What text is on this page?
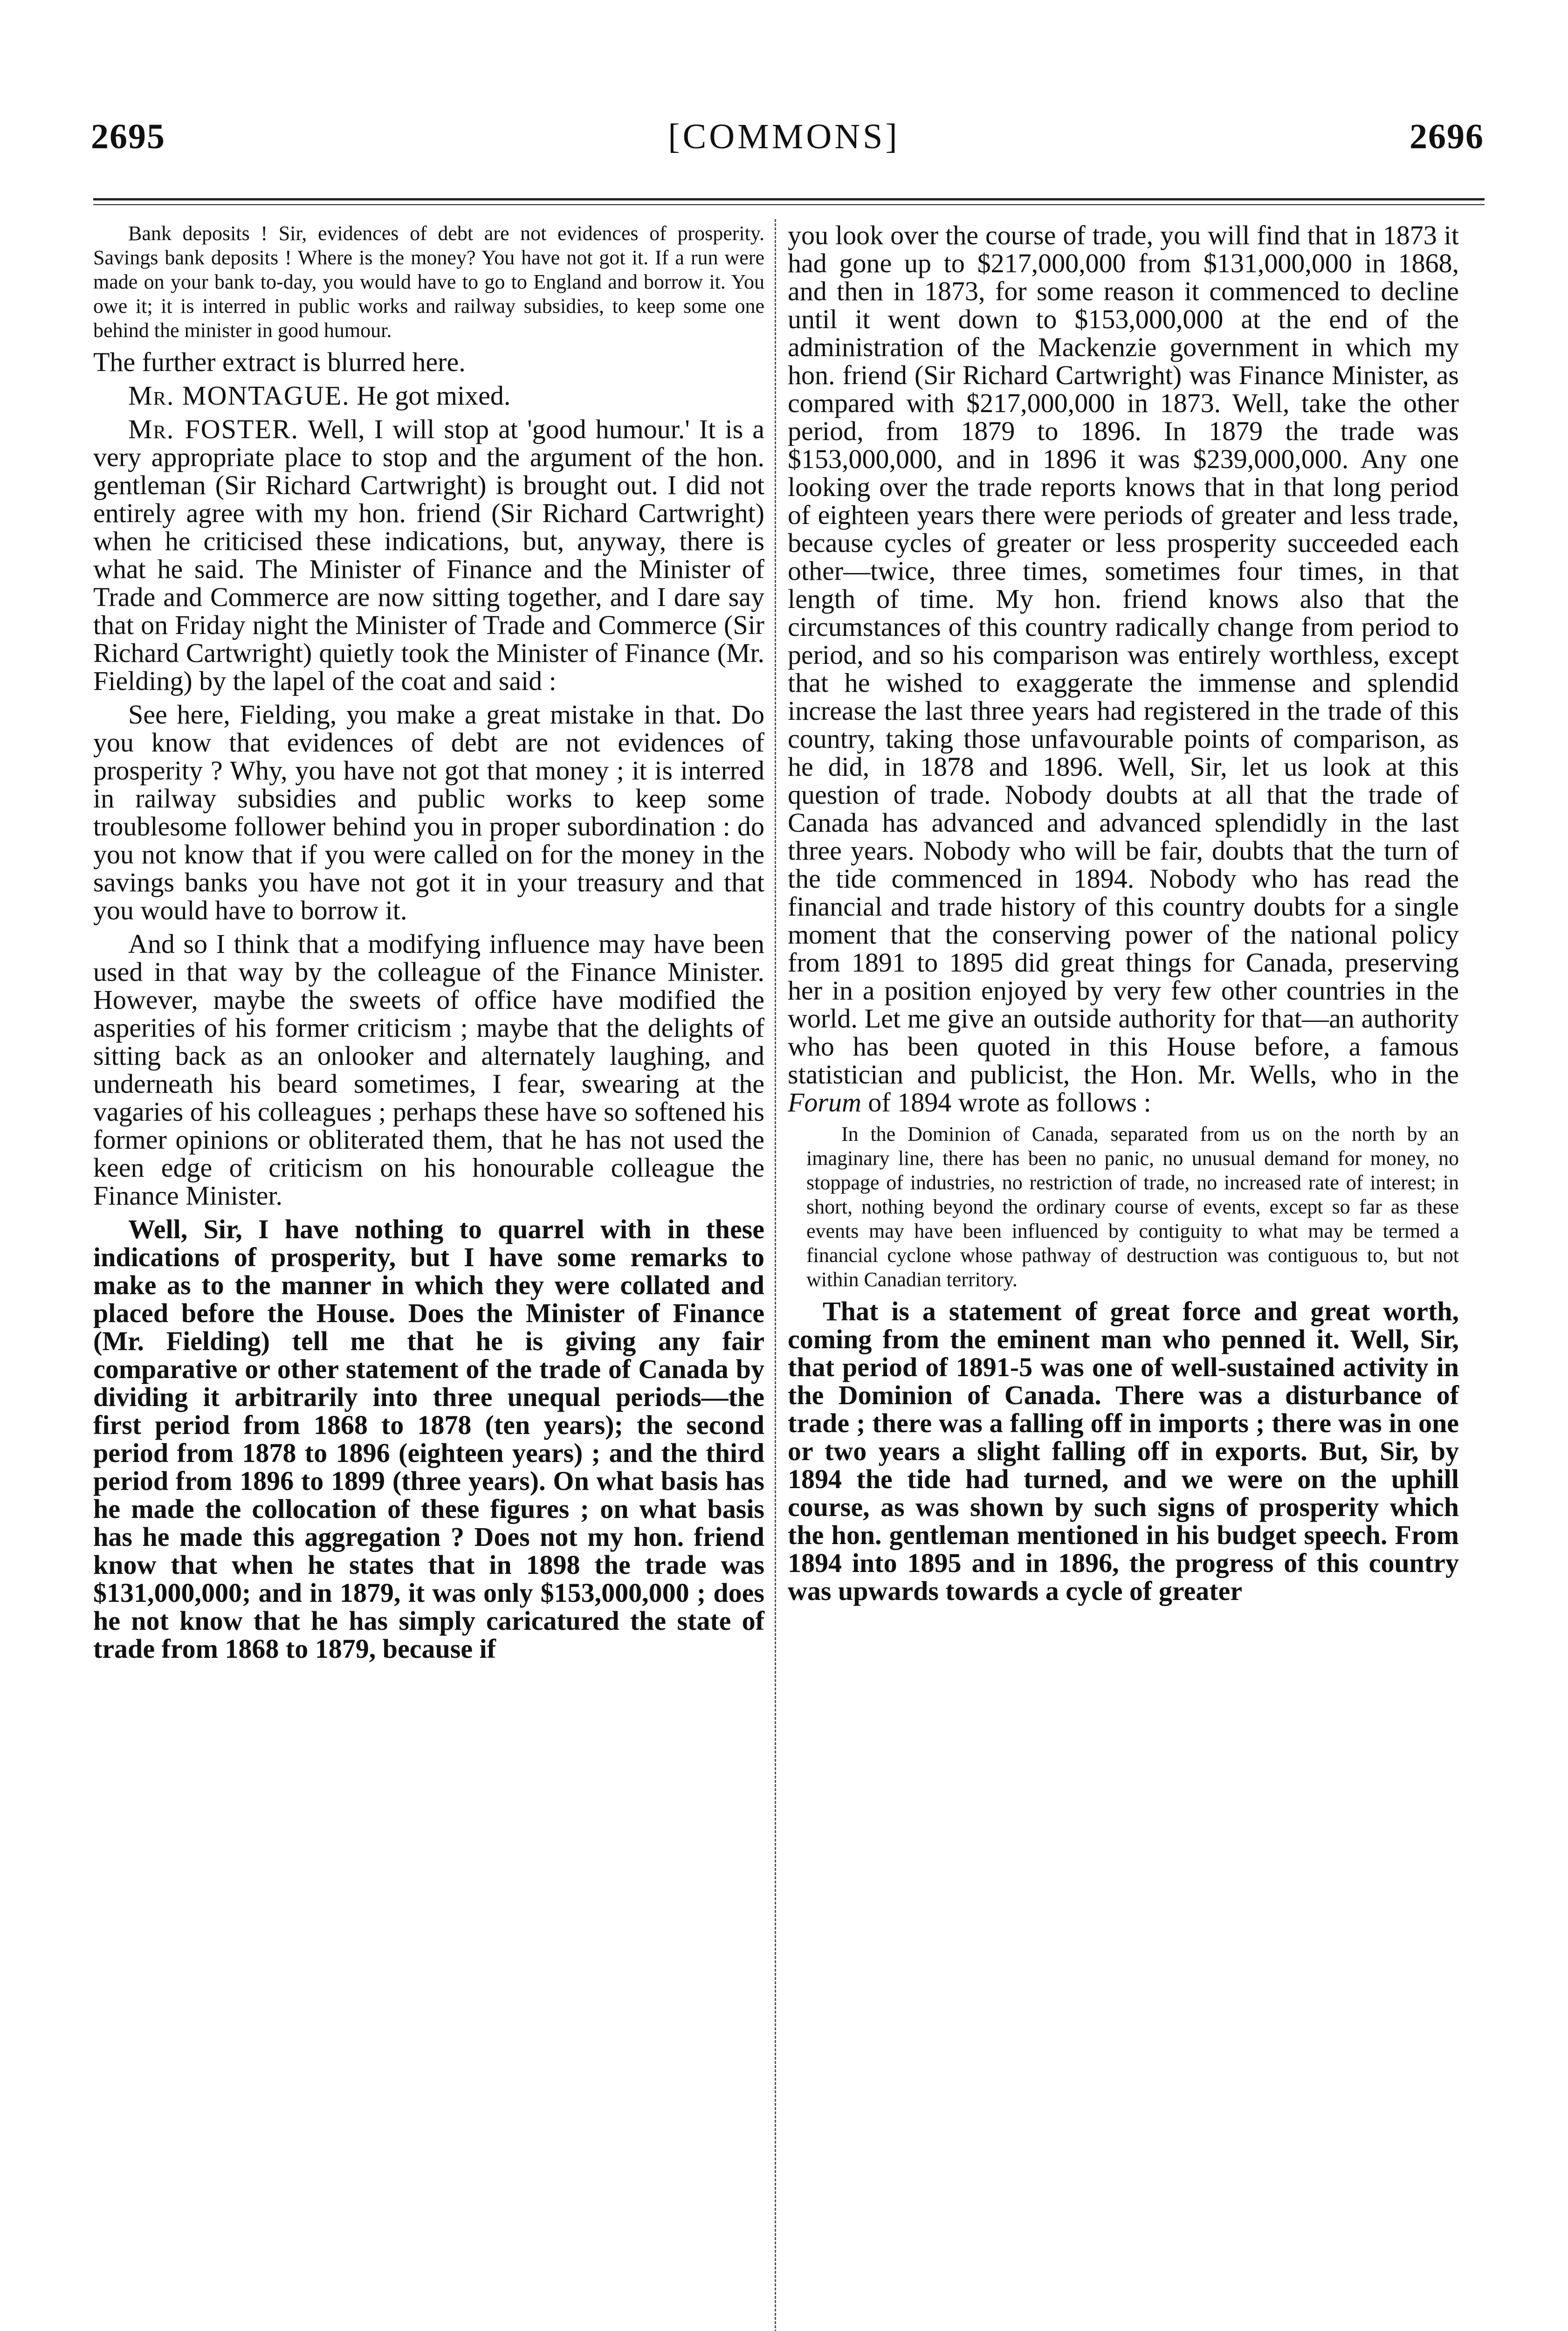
2695	[COMMONS]	2696

Bank deposits ! Sir, evidences of debt are not evidences of prosperity. Savings bank deposits ! Where is the money? You have not got it. If a run were made on your bank to-day, you would have to go to England and borrow it. You owe it; it is interred in public works and railway subsidies, to keep some one behind the minister in good humour.

The further extract is blurred here.

Mr. MONTAGUE. He got mixed.

Mr. FOSTER. Well, I will stop at 'good humour.' It is a very appropriate place to stop and the argument of the hon. gentleman (Sir Richard Cartwright) is brought out. I did not entirely agree with my hon. friend (Sir Richard Cartwright) when he criticised these indications, but, anyway, there is what he said. The Minister of Finance and the Minister of Trade and Commerce are now sitting together, and I dare say that on Friday night the Minister of Trade and Commerce (Sir Richard Cartwright) quietly took the Minister of Finance (Mr. Fielding) by the lapel of the coat and said :

See here, Fielding, you make a great mistake in that. Do you know that evidences of debt are not evidences of prosperity ? Why, you have not got that money ; it is interred in railway subsidies and public works to keep some troublesome follower behind you in proper subordination : do you not know that if you were called on for the money in the savings banks you have not got it in your treasury and that you would have to borrow it.

And so I think that a modifying influence may have been used in that way by the colleague of the Finance Minister. However, maybe the sweets of office have modified the asperities of his former criticism ; maybe that the delights of sitting back as an onlooker and alternately laughing, and underneath his beard sometimes, I fear, swearing at the vagaries of his colleagues ; perhaps these have so softened his former opinions or obliterated them, that he has not used the keen edge of criticism on his honourable colleague the Finance Minister.

Well, Sir, I have nothing to quarrel with in these indications of prosperity, but I have some remarks to make as to the manner in which they were collated and placed before the House. Does the Minister of Finance (Mr. Fielding) tell me that he is giving any fair comparative or other statement of the trade of Canada by dividing it arbitrarily into three unequal periods—the first period from 1868 to 1878 (ten years); the second period from 1878 to 1896 (eighteen years) ; and the third period from 1896 to 1899 (three years). On what basis has he made the collocation of these figures ; on what basis has he made this aggregation ? Does not my hon. friend know that when he states that in 1898 the trade was $131,000,000; and in 1879, it was only $153,000,000 ; does he not know that he has simply caricatured the state of trade from 1868 to 1879, because if

you look over the course of trade, you will find that in 1873 it had gone up to $217,000,000 from $131,000,000 in 1868, and then in 1873, for some reason it commenced to decline until it went down to $153,000,000 at the end of the administration of the Mackenzie government in which my hon. friend (Sir Richard Cartwright) was Finance Minister, as compared with $217,000,000 in 1873. Well, take the other period, from 1879 to 1896. In 1879 the trade was $153,000,000, and in 1896 it was $239,000,000. Any one looking over the trade reports knows that in that long period of eighteen years there were periods of greater and less trade, because cycles of greater or less prosperity succeeded each other—twice, three times, sometimes four times, in that length of time. My hon. friend knows also that the circumstances of this country radically change from period to period, and so his comparison was entirely worthless, except that he wished to exaggerate the immense and splendid increase the last three years had registered in the trade of this country, taking those unfavourable points of comparison, as he did, in 1878 and 1896. Well, Sir, let us look at this question of trade. Nobody doubts at all that the trade of Canada has advanced and advanced splendidly in the last three years. Nobody who will be fair, doubts that the turn of the tide commenced in 1894. Nobody who has read the financial and trade history of this country doubts for a single moment that the conserving power of the national policy from 1891 to 1895 did great things for Canada, preserving her in a position enjoyed by very few other countries in the world. Let me give an outside authority for that—an authority who has been quoted in this House before, a famous statistician and publicist, the Hon. Mr. Wells, who in the Forum of 1894 wrote as follows :

In the Dominion of Canada, separated from us on the north by an imaginary line, there has been no panic, no unusual demand for money, no stoppage of industries, no restriction of trade, no increased rate of interest; in short, nothing beyond the ordinary course of events, except so far as these events may have been influenced by contiguity to what may be termed a financial cyclone whose pathway of destruction was contiguous to, but not within Canadian territory.

That is a statement of great force and great worth, coming from the eminent man who penned it. Well, Sir, that period of 1891-5 was one of well-sustained activity in the Dominion of Canada. There was a disturbance of trade ; there was a falling off in imports ; there was in one or two years a slight falling off in exports. But, Sir, by 1894 the tide had turned, and we were on the uphill course, as was shown by such signs of prosperity which the hon. gentleman mentioned in his budget speech. From 1894 into 1895 and in 1896, the progress of this country was upwards towards a cycle of greater
